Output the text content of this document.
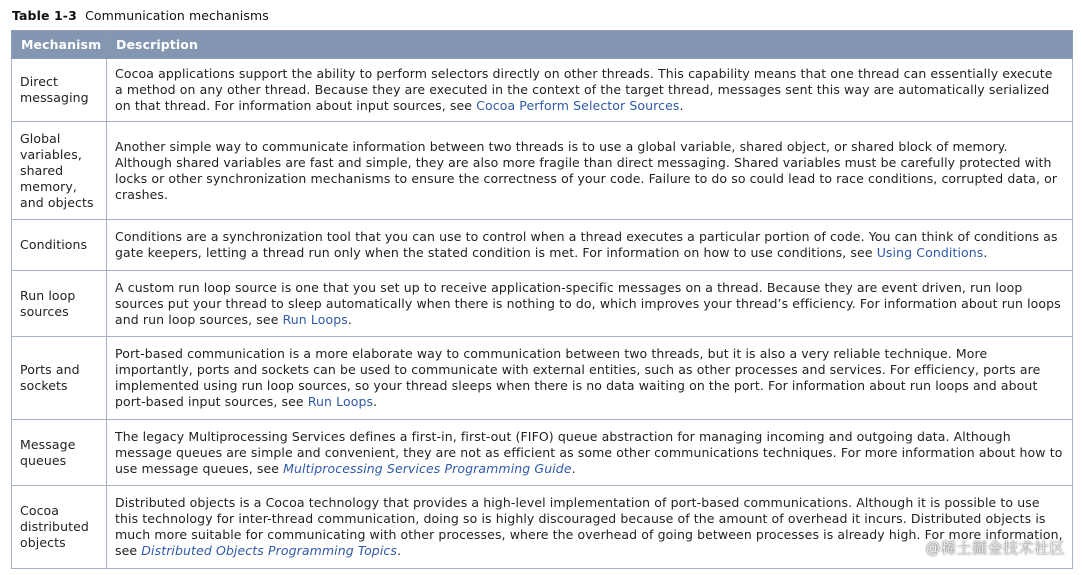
Table 1-3 Communication mechanisms
Mechanism	Description
Direct messaging	Cocoa applications support the ability to perform selectors directly on other threads. This capability means that one thread can essentially execute a method on any other thread. Because they are executed in the context of the target thread, messages sent this way are automatically serialized on that thread. For information about input sources, see Cocoa Perform Selector Sources.
Global variables, shared memory, and objects	Another simple way to communicate information between two threads is to use a global variable, shared object, or shared block of memory. Although shared variables are fast and simple, they are also more fragile than direct messaging. Shared variables must be carefully protected with locks or other synchronization mechanisms to ensure the correctness of your code. Failure to do so could lead to race conditions, corrupted data, or crashes.
Conditions	Conditions are a synchronization tool that you can use to control when a thread executes a particular portion of code. You can think of conditions as gate keepers, letting a thread run only when the stated condition is met. For information on how to use conditions, see Using Conditions.
Run loop sources	A custom run loop source is one that you set up to receive application-specific messages on a thread. Because they are event driven, run loop sources put your thread to sleep automatically when there is nothing to do, which improves your thread’s efficiency. For information about run loops and run loop sources, see Run Loops.
Ports and sockets	Port-based communication is a more elaborate way to communication between two threads, but it is also a very reliable technique. More importantly, ports and sockets can be used to communicate with external entities, such as other processes and services. For efficiency, ports are implemented using run loop sources, so your thread sleeps when there is no data waiting on the port. For information about run loops and about port-based input sources, see Run Loops.
Message queues	The legacy Multiprocessing Services defines a first-in, first-out (FIFO) queue abstraction for managing incoming and outgoing data. Although message queues are simple and convenient, they are not as efficient as some other communications techniques. For more information about how to use message queues, see Multiprocessing Services Programming Guide.
Cocoa distributed objects	Distributed objects is a Cocoa technology that provides a high-level implementation of port-based communications. Although it is possible to use this technology for inter-thread communication, doing so is highly discouraged because of the amount of overhead it incurs. Distributed objects is much more suitable for communicating with other processes, where the overhead of going between processes is already high. For more information, see Distributed Objects Programming Topics.	@稀土掘金技术社区
